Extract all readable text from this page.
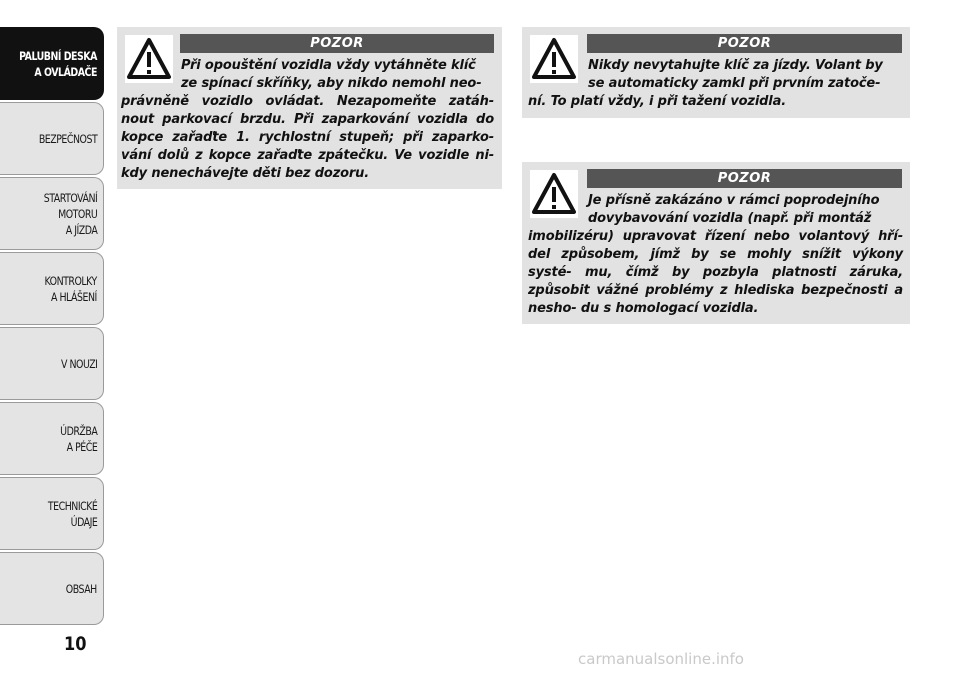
PALUBNÍ DESKA
A OVLÁDAČE
BEZPEČNOST
STARTOVÁNÍ
MOTORU
A JÍZDA
KONTROLKY
A HLÁŠENÍ
V NOUZI
ÚDRŽBA
A PÉČE
TECHNICKÉ
ÚDAJE
OBSAH
10
POZOR
Při opouštění vozidla vždy vytáhněte klíč
ze spínací skříňky, aby nikdo nemohl neo-
právněně vozidlo ovládat. Nezapomeňte zatáh- nout parkovací brzdu. Při zaparkování vozidla do kopce zařaďte 1. rychlostní stupeň; při zaparko- vání dolů z kopce zařaďte zpátečku. Ve vozidle ni- kdy nenechávejte děti bez dozoru.
POZOR
Nikdy nevytahujte klíč za jízdy. Volant by
se automaticky zamkl při prvním zatoče-
ní. To platí vždy, i při tažení vozidla.
POZOR
Je přísně zakázáno v rámci poprodejního
dovybavování vozidla (např. při montáž
imobilizéru) upravovat řízení nebo volantový hří- del způsobem, jímž by se mohly snížit výkony systé- mu, čímž by pozbyla platnosti záruka, způsobit vážné problémy z hlediska bezpečnosti a nesho- du s homologací vozidla.
carmanualsonline.info
